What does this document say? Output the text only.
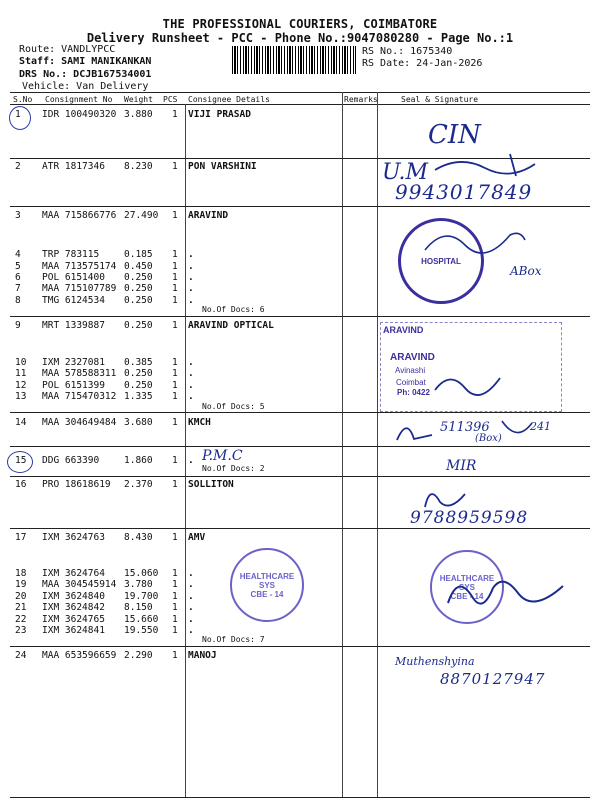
THE PROFESSIONAL COURIERS, COIMBATORE
Delivery Runsheet - PCC - Phone No.:9047080280 - Page No.:1
Route: VANDLYPCC
Staff: SAMI MANIKANKAN
DRS No.: DCJB167534001
Vehicle: Van Delivery
RS No.: 1675340
RS Date: 24-Jan-2026
S.No Consignment No Weight PCS Consignee Details	Remarks	Seal & Signature
1 IDR 100490320 3.880 1 VIJI PRASAD
2 ATR 1817346 8.230 1 PON VARSHINI
3 MAA 715866776 27.490 1 ARAVIND
4 TRP 783115	0.185 1 .
5 MAA 713575174 0.450 1 .
6 POL 6151400 0.250 1 .
7 MAA 715107789 0.250 1 .
8 TMG 6124534 0.250 1 .
9 MRT 1339887 0.250 1 ARAVIND OPTICAL
10 IXM 2327081 0.385 1 .
11 MAA 578588311 0.250 1 .
12 POL 6151399 0.250 1 .
13 MAA 715470312 1.335 1 .
14 MAA 304649484 3.680 1 KMCH
15 DDG 663390	1.860 1 .
16 PRO 18618619 2.370 1 SOLLITON
17 IXM 3624763 8.430 1 AMV
18 IXM 3624764 15.060 1 .
19 MAA 304545914 3.780 1 .
20 IXM 3624840 19.700 1 .
21 IXM 3624842 8.150 1 .
22 IXM 3624765 15.660 1 .
23 IXM 3624841 19.550 1 .
24 MAA 653596659 2.290 1 MANOJ
No.Of Docs: 6
No.Of Docs: 5
No.Of Docs: 2
No.Of Docs: 7
CIN
U.M
9943017849
HOSPITAL
ABox
ARAVIND
ARAVIND
Avinashi
Coimbat
Ph: 0422
511396
(Box)
241
P.M.C
MIR
9788959598
HEALTHCARE SYS
CBE - 14
HEALTHCARE SYS
CBE - 14
Muthenshyina
8870127947
